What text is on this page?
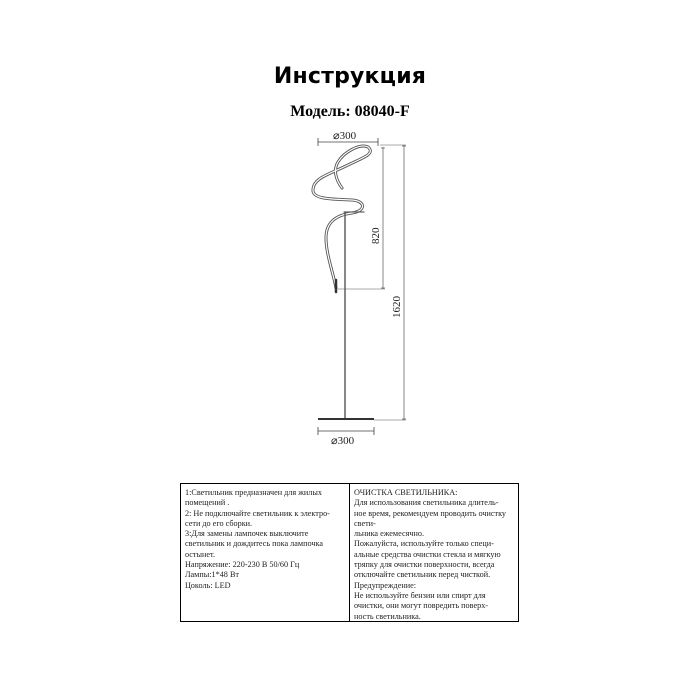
Инструкция
Модель: 08040-F
⌀300
820
1620
⌀300

1:Светильник предназначен для жилых
помещений .

2: Не подключайте светильник к электро-
сети до его сборки.

3:Для замены лампочек выключите
светильник и дождитесь пока лампочка
остынет.

Напряжение: 220-230 В 50/60 Гц

Лампы:1*48 Вт

Цоколь: LED

ОЧИСТКА СВЕТИЛЬНИКА:

Для использования светильника длитель-
ное время, рекомендуем проводить очистку свети-
льника ежемесячно.

Пожалуйста, используйте только специ-
альные средства очистки стекла и мягкую
тряпку для очистки поверхности, всегда
отключайте светильник перед чисткой.

Предупреждение:

Не используйте бензин или спирт для
очистки, они могут повредить поверх-
ность светильника.
